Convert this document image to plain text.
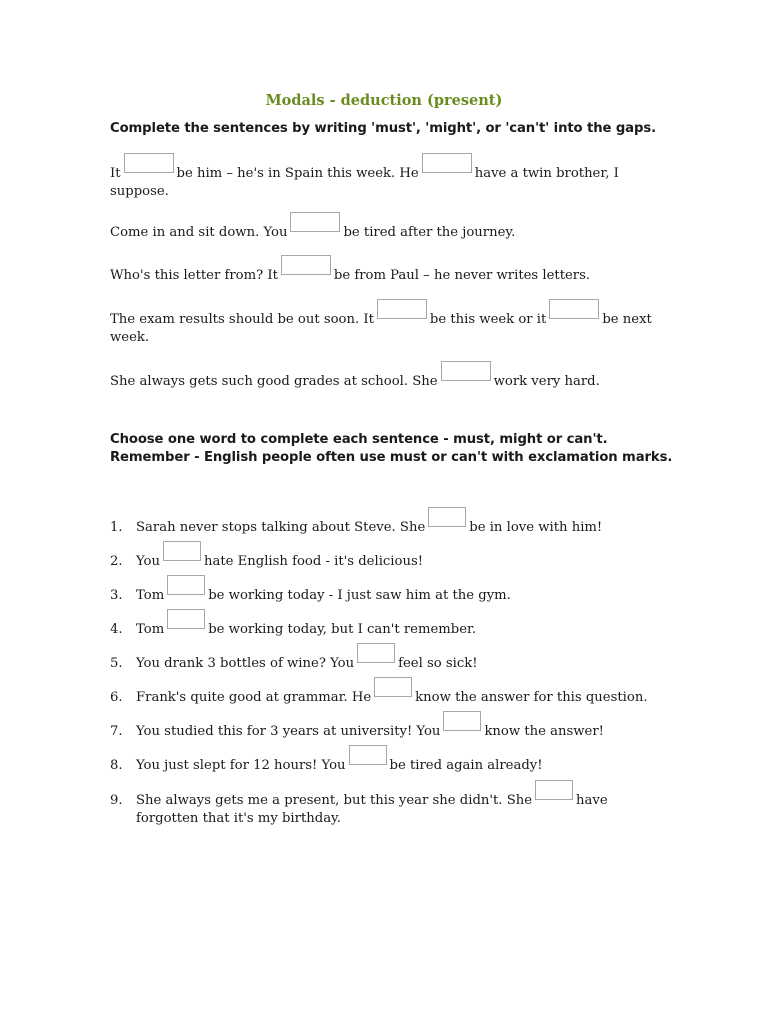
Modals - deduction (present)
Complete the sentences by writing 'must', 'might', or 'can't' into the gaps.
It	be him – he's in Spain this week. He	have a twin brother, I
suppose.
Come in and sit down. You	be tired after the journey.
Who's this letter from? It	be from Paul – he never writes letters.
The exam results should be out soon. It	be this week or it	be next
week.
She always gets such good grades at school. She	work very hard.
Choose one word to complete each sentence - must, might or can't.
Remember - English people often use must or can't with exclamation marks.
1. Sarah never stops talking about Steve. She	be in love with him!
2. You	hate English food - it's delicious!
3. Tom	be working today - I just saw him at the gym.
4. Tom	be working today, but I can't remember.
5. You drank 3 bottles of wine? You	feel so sick!
6. Frank's quite good at grammar. He	know the answer for this question.
7. You studied this for 3 years at university! You	know the answer!
8. You just slept for 12 hours! You	be tired again already!
9. She always gets me a present, but this year she didn't. She	have
forgotten that it's my birthday.
